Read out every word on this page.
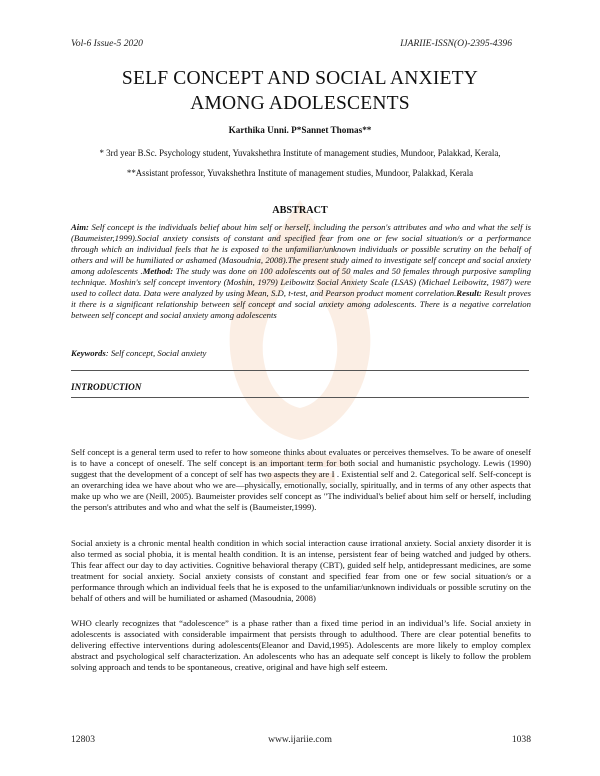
Vol-6 Issue-5 2020	IJARIIE-ISSN(O)-2395-4396
SELF CONCEPT AND SOCIAL ANXIETY
AMONG ADOLESCENTS
Karthika Unni. P*Sannet Thomas**
* 3rd year B.Sc. Psychology student, Yuvakshethra Institute of management studies, Mundoor, Palakkad, Kerala,
**Assistant professor, Yuvakshethra Institute of management studies, Mundoor, Palakkad, Kerala
ABSTRACT
Aim: Self concept is the individuals belief about him self or herself, including the person's attributes and who and what the self is (Baumeister,1999).Social anxiety consists of constant and specified fear from one or few social situation/s or a performance through which an individual feels that he is exposed to the unfamiliar/unknown individuals or possible scrutiny on the behalf of others and will be humiliated or ashamed (Masoudnia, 2008).The present study aimed to investigate self concept and social anxiety among adolescents .Method: The study was done on 100 adolescents out of 50 males and 50 females through purposive sampling technique. Moshin's self concept inventory (Moshin, 1979) Leibowitz Social Anxiety Scale (LSAS) (Michael Leibowitz, 1987) were used to collect data. Data were analyzed by using Mean, S.D, t-test, and Pearson product moment correlation.Result: Result proves it there is a significant relationship between self concept and social anxiety among adolescents. There is a negative correlation between self concept and social anxiety among adolescents
Keywords: Self concept, Social anxiety
INTRODUCTION
Self concept is a general term used to refer to how someone thinks about evaluates or perceives themselves. To be aware of oneself is to have a concept of oneself. The self concept is an important term for both social and humanistic psychology. Lewis (1990) suggest that the development of a concept of self has two aspects they are I . Existential self and 2. Categorical self. Self-concept is an overarching idea we have about who we are—physically, emotionally, socially, spiritually, and in terms of any other aspects that make up who we are (Neill, 2005). Baumeister provides self concept as "The individual's belief about him self or herself, including the person's attributes and who and what the self is (Baumeister,1999).
Social anxiety is a chronic mental health condition in which social interaction cause irrational anxiety. Social anxiety disorder it is also termed as social phobia, it is mental health condition. It is an intense, persistent fear of being watched and judged by others. This fear affect our day to day activities. Cognitive behavioral therapy (CBT), guided self help, antidepressant medicines, are some treatment for social anxiety. Social anxiety consists of constant and specified fear from one or few social situation/s or a performance through which an individual feels that he is exposed to the unfamiliar/unknown individuals or possible scrutiny on the behalf of others and will be humiliated or ashamed (Masoudnia, 2008)
WHO clearly recognizes that “adolescence” is a phase rather than a fixed time period in an individual’s life. Social anxiety in adolescents is associated with considerable impairment that persists through to adulthood. There are clear potential benefits to delivering effective interventions during adolescents(Eleanor and David,1995). Adolescents are more likely to employ complex abstract and psychological self characterization. An adolescents who has an adequate self concept is likely to follow the problem solving approach and tends to be spontaneous, creative, original and have high self esteem.
12803	www.ijariie.com	1038
